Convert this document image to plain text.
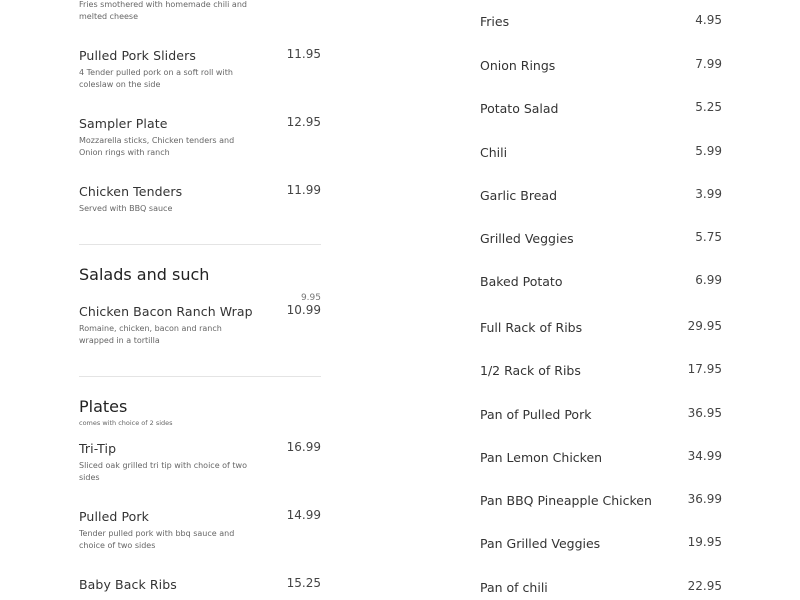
Fries smothered with homemade chili and melted cheese
Pulled Pork Sliders	11.95
4 Tender pulled pork on a soft roll with coleslaw on the side
Sampler Plate	12.95
Mozzarella sticks, Chicken tenders and Onion rings with ranch
Chicken Tenders	11.99
Served with BBQ sauce
Salads and such
9.95
Chicken Bacon Ranch Wrap	10.99
Romaine, chicken, bacon and ranch wrapped in a tortilla
Plates
comes with choice of 2 sides
Tri-Tip	16.99
Sliced oak grilled tri tip with choice of two sides
Pulled Pork	14.99
Tender pulled pork with bbq sauce and choice of two sides
Baby Back Ribs	15.25
Fries	4.95
Onion Rings	7.99
Potato Salad	5.25
Chili	5.99
Garlic Bread	3.99
Grilled Veggies	5.75
Baked Potato	6.99
Full Rack of Ribs	29.95
1/2 Rack of Ribs	17.95
Pan of Pulled Pork	36.95
Pan Lemon Chicken	34.99
Pan BBQ Pineapple Chicken	36.99
Pan Grilled Veggies	19.95
Pan of chili	22.95
